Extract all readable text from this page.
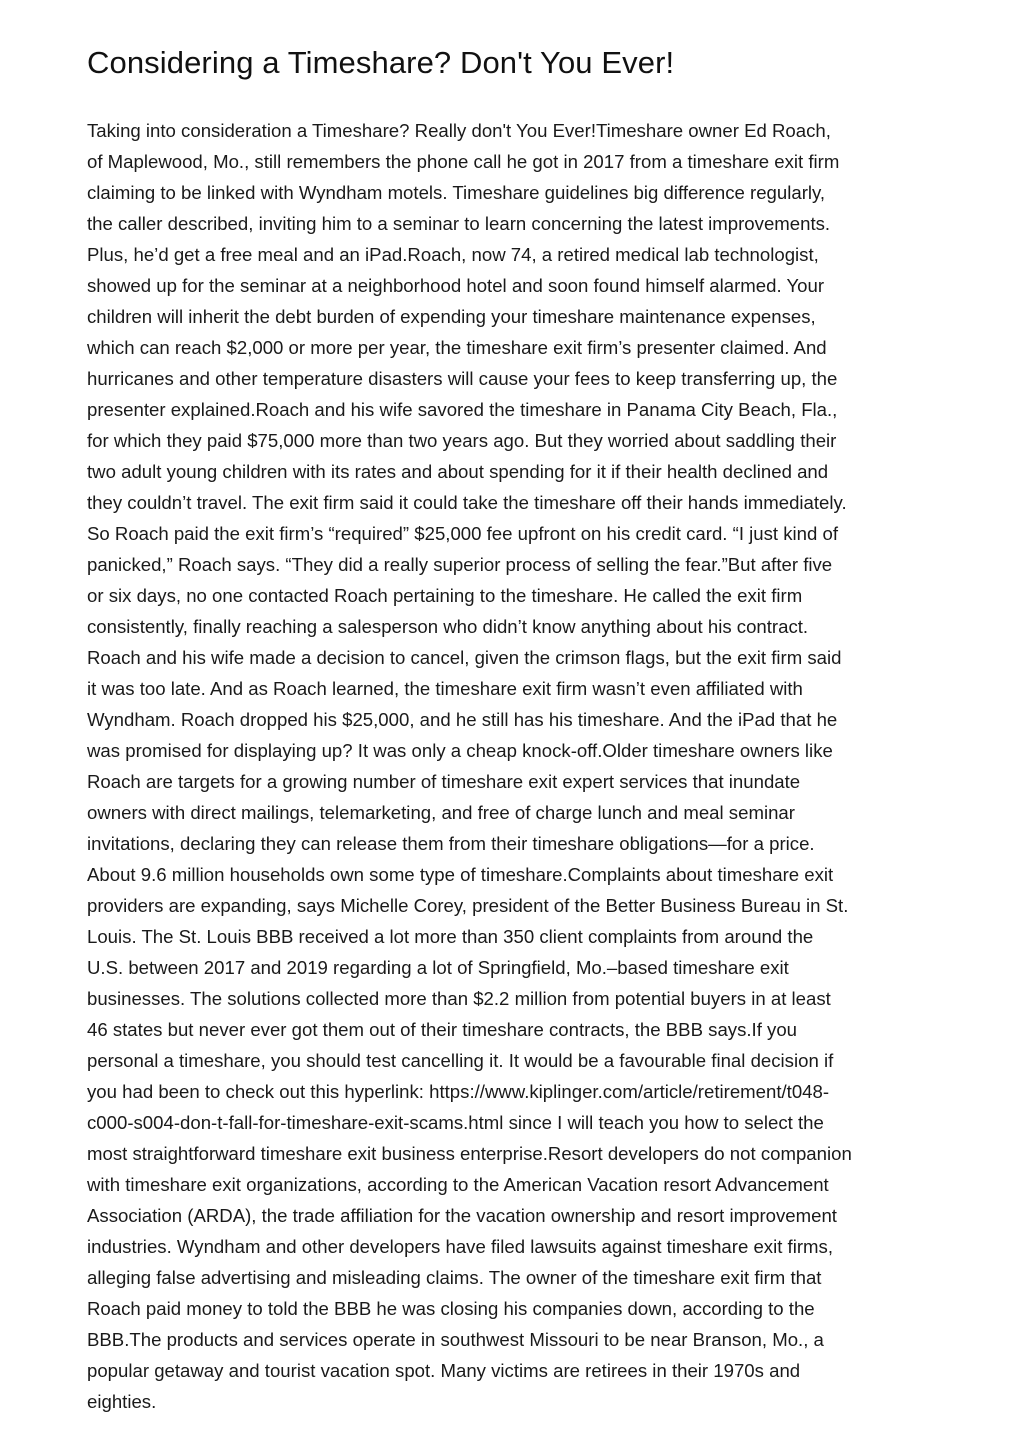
Considering a Timeshare? Don't You Ever!
Taking into consideration a Timeshare? Really don't You Ever!Timeshare owner Ed Roach,
of Maplewood, Mo., still remembers the phone call he got in 2017 from a timeshare exit firm
claiming to be linked with Wyndham motels. Timeshare guidelines big difference regularly,
the caller described, inviting him to a seminar to learn concerning the latest improvements.
Plus, he’d get a free meal and an iPad.Roach, now 74, a retired medical lab technologist,
showed up for the seminar at a neighborhood hotel and soon found himself alarmed. Your
children will inherit the debt burden of expending your timeshare maintenance expenses,
which can reach $2,000 or more per year, the timeshare exit firm’s presenter claimed. And
hurricanes and other temperature disasters will cause your fees to keep transferring up, the
presenter explained.Roach and his wife savored the timeshare in Panama City Beach, Fla.,
for which they paid $75,000 more than two years ago. But they worried about saddling their
two adult young children with its rates and about spending for it if their health declined and
they couldn’t travel. The exit firm said it could take the timeshare off their hands immediately.
So Roach paid the exit firm’s “required” $25,000 fee upfront on his credit card. “I just kind of
panicked,” Roach says. “They did a really superior process of selling the fear.”But after five
or six days, no one contacted Roach pertaining to the timeshare. He called the exit firm
consistently, finally reaching a salesperson who didn’t know anything about his contract.
Roach and his wife made a decision to cancel, given the crimson flags, but the exit firm said
it was too late. And as Roach learned, the timeshare exit firm wasn’t even affiliated with
Wyndham. Roach dropped his $25,000, and he still has his timeshare. And the iPad that he
was promised for displaying up? It was only a cheap knock-off.Older timeshare owners like
Roach are targets for a growing number of timeshare exit expert services that inundate
owners with direct mailings, telemarketing, and free of charge lunch and meal seminar
invitations, declaring they can release them from their timeshare obligations—for a price.
About 9.6 million households own some type of timeshare.Complaints about timeshare exit
providers are expanding, says Michelle Corey, president of the Better Business Bureau in St.
Louis. The St. Louis BBB received a lot more than 350 client complaints from around the
U.S. between 2017 and 2019 regarding a lot of Springfield, Mo.–based timeshare exit
businesses. The solutions collected more than $2.2 million from potential buyers in at least
46 states but never ever got them out of their timeshare contracts, the BBB says.If you
personal a timeshare, you should test cancelling it. It would be a favourable final decision if
you had been to check out this hyperlink: https://www.kiplinger.com/article/retirement/t048-
c000-s004-don-t-fall-for-timeshare-exit-scams.html since I will teach you how to select the
most straightforward timeshare exit business enterprise.Resort developers do not companion
with timeshare exit organizations, according to the American Vacation resort Advancement
Association (ARDA), the trade affiliation for the vacation ownership and resort improvement
industries. Wyndham and other developers have filed lawsuits against timeshare exit firms,
alleging false advertising and misleading claims. The owner of the timeshare exit firm that
Roach paid money to told the BBB he was closing his companies down, according to the
BBB.The products and services operate in southwest Missouri to be near Branson, Mo., a
popular getaway and tourist vacation spot. Many victims are retirees in their 1970s and
eighties.
